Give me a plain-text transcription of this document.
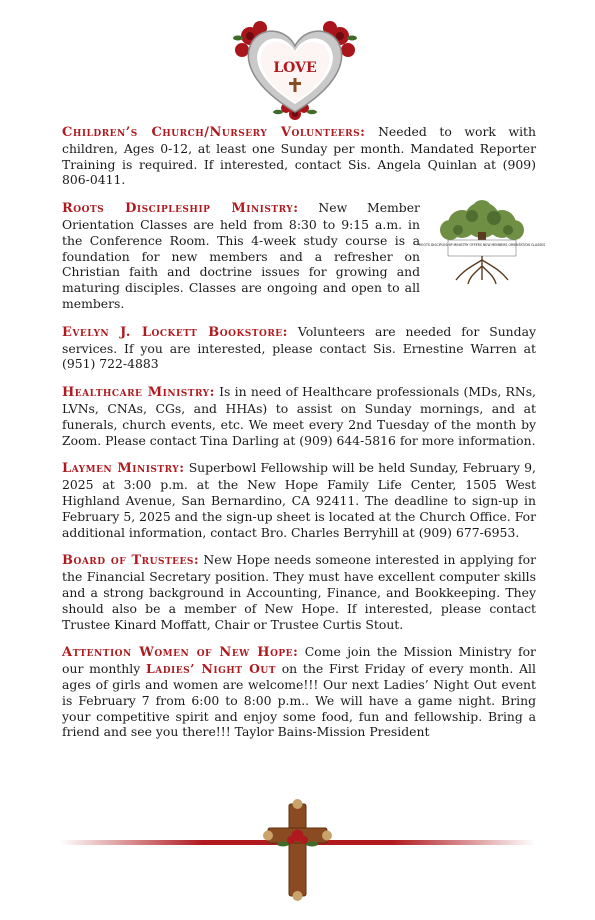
LOVE

Children’s Church/Nursery Volunteers: Needed to work with children, Ages 0-12, at least one Sunday per month. Mandated Reporter Training is required. If interested, contact Sis. Angela Quinlan at (909) 806-0411.

ROOTS DISCIPLESHIP MINISTRY OFFERS NEW MEMBERS ORIENTATION CLASSES
Roots Discipleship Ministry: New Member Orientation Classes are held from 8:30 to 9:15 a.m. in the Conference Room. This 4-week study course is a foundation for new members and a refresher on Christian faith and doctrine issues for growing and maturing disciples. Classes are ongoing and open to all members.

Evelyn J. Lockett Bookstore: Volunteers are needed for Sunday services. If you are interested, please contact Sis. Ernestine Warren at (951) 722-4883

Healthcare Ministry: Is in need of Healthcare professionals (MDs, RNs, LVNs, CNAs, CGs, and HHAs) to assist on Sunday mornings, and at funerals, church events, etc. We meet every 2nd Tuesday of the month by Zoom. Please contact Tina Darling at (909) 644-5816 for more information.

Laymen Ministry: Superbowl Fellowship will be held Sunday, February 9, 2025 at 3:00 p.m. at the New Hope Family Life Center, 1505 West Highland Avenue, San Bernardino, CA 92411. The deadline to sign-up in February 5, 2025 and the sign-up sheet is located at the Church Office. For additional information, contact Bro. Charles Berryhill at (909) 677-6953.

Board of Trustees: New Hope needs someone interested in applying for the Financial Secretary position. They must have excellent computer skills and a strong background in Accounting, Finance, and Bookkeeping. They should also be a member of New Hope. If interested, please contact Trustee Kinard Moffatt, Chair or Trustee Curtis Stout.

Attention Women of New Hope: Come join the Mission Ministry for our monthly Ladies’ Night Out on the First Friday of every month. All ages of girls and women are welcome!!! Our next Ladies’ Night Out event is February 7 from 6:00 to 8:00 p.m.. We will have a game night. Bring your competitive spirit and enjoy some food, fun and fellowship. Bring a friend and see you there!!! Taylor Bains-Mission President
